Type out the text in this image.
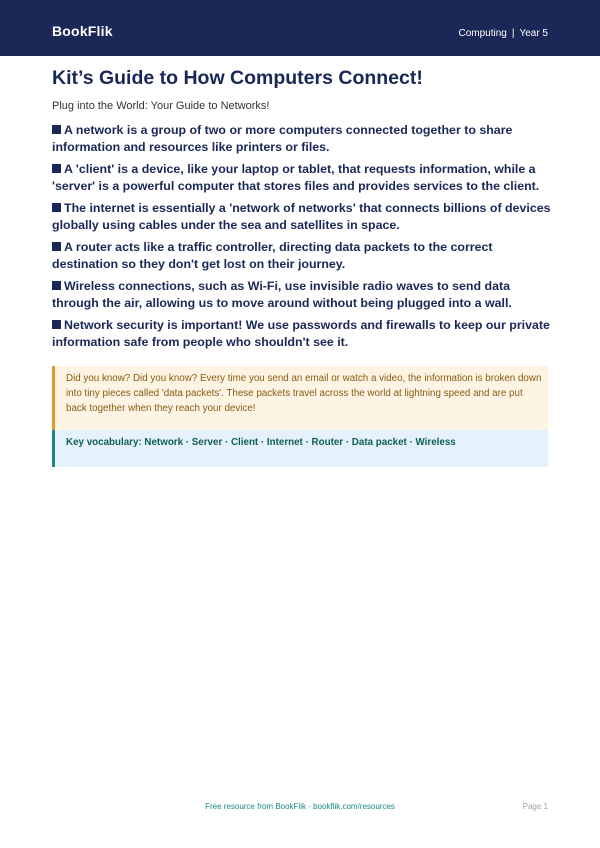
BookFlik	Computing | Year 5
Kit’s Guide to How Computers Connect!
Plug into the World: Your Guide to Networks!
A network is a group of two or more computers connected together to share information and resources like printers or files.
A 'client' is a device, like your laptop or tablet, that requests information, while a 'server' is a powerful computer that stores files and provides services to the client.
The internet is essentially a 'network of networks' that connects billions of devices globally using cables under the sea and satellites in space.
A router acts like a traffic controller, directing data packets to the correct destination so they don't get lost on their journey.
Wireless connections, such as Wi-Fi, use invisible radio waves to send data through the air, allowing us to move around without being plugged into a wall.
Network security is important! We use passwords and firewalls to keep our private information safe from people who shouldn't see it.
Did you know? Did you know? Every time you send an email or watch a video, the information is broken down into tiny pieces called 'data packets'. These packets travel across the world at lightning speed and are put back together when they reach your device!
Key vocabulary: Network · Server · Client · Internet · Router · Data packet · Wireless
Free resource from BookFlik · bookflik.com/resources	Page 1
